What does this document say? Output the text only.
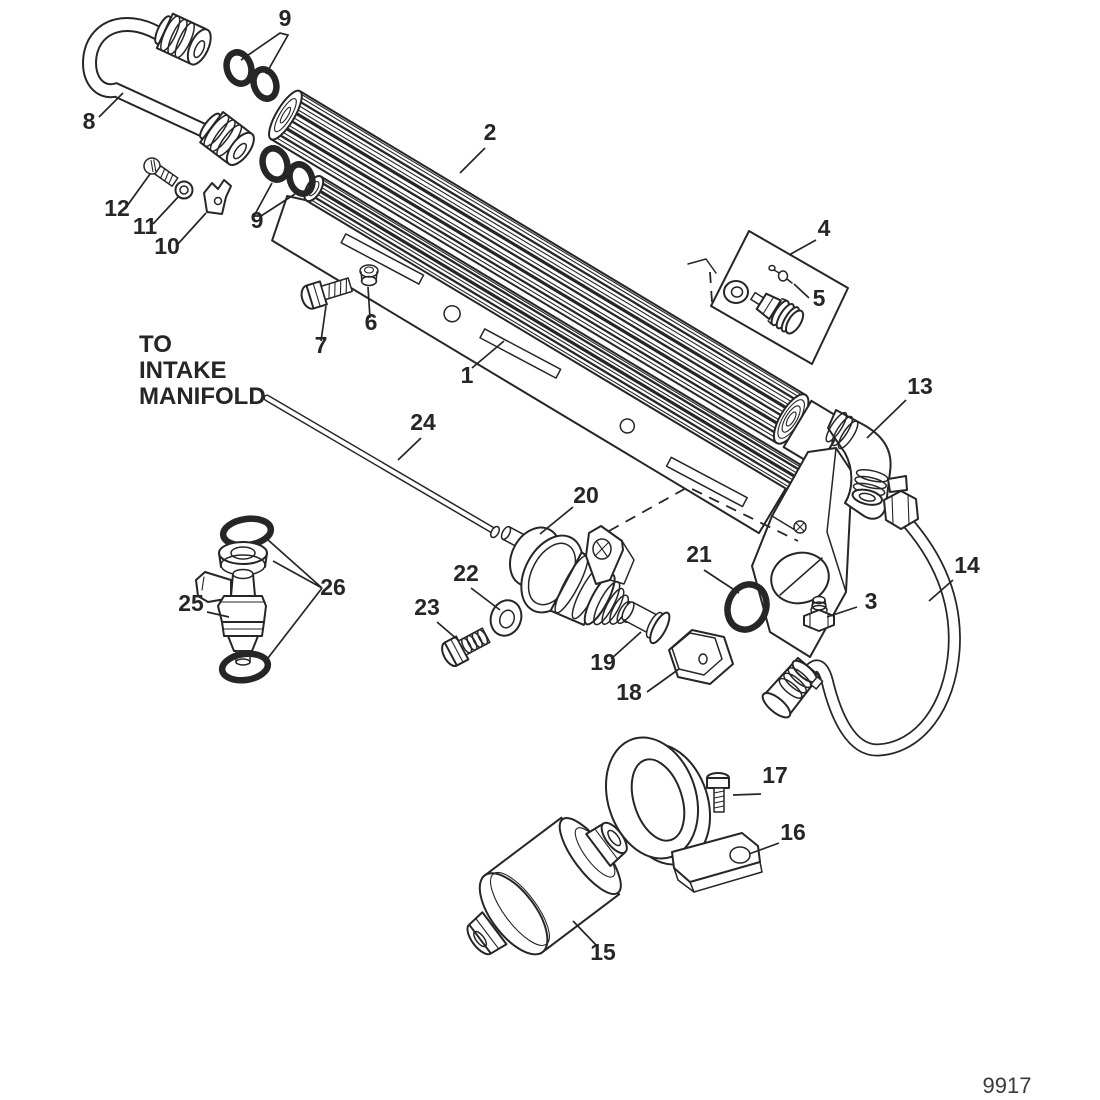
1
2
3
4
5
6
7
8
9
9
10
11
12
13
14
15
16
17
18
19
20
21
22
23
24
25
26
TO
INTAKE
MANIFOLD
9917
